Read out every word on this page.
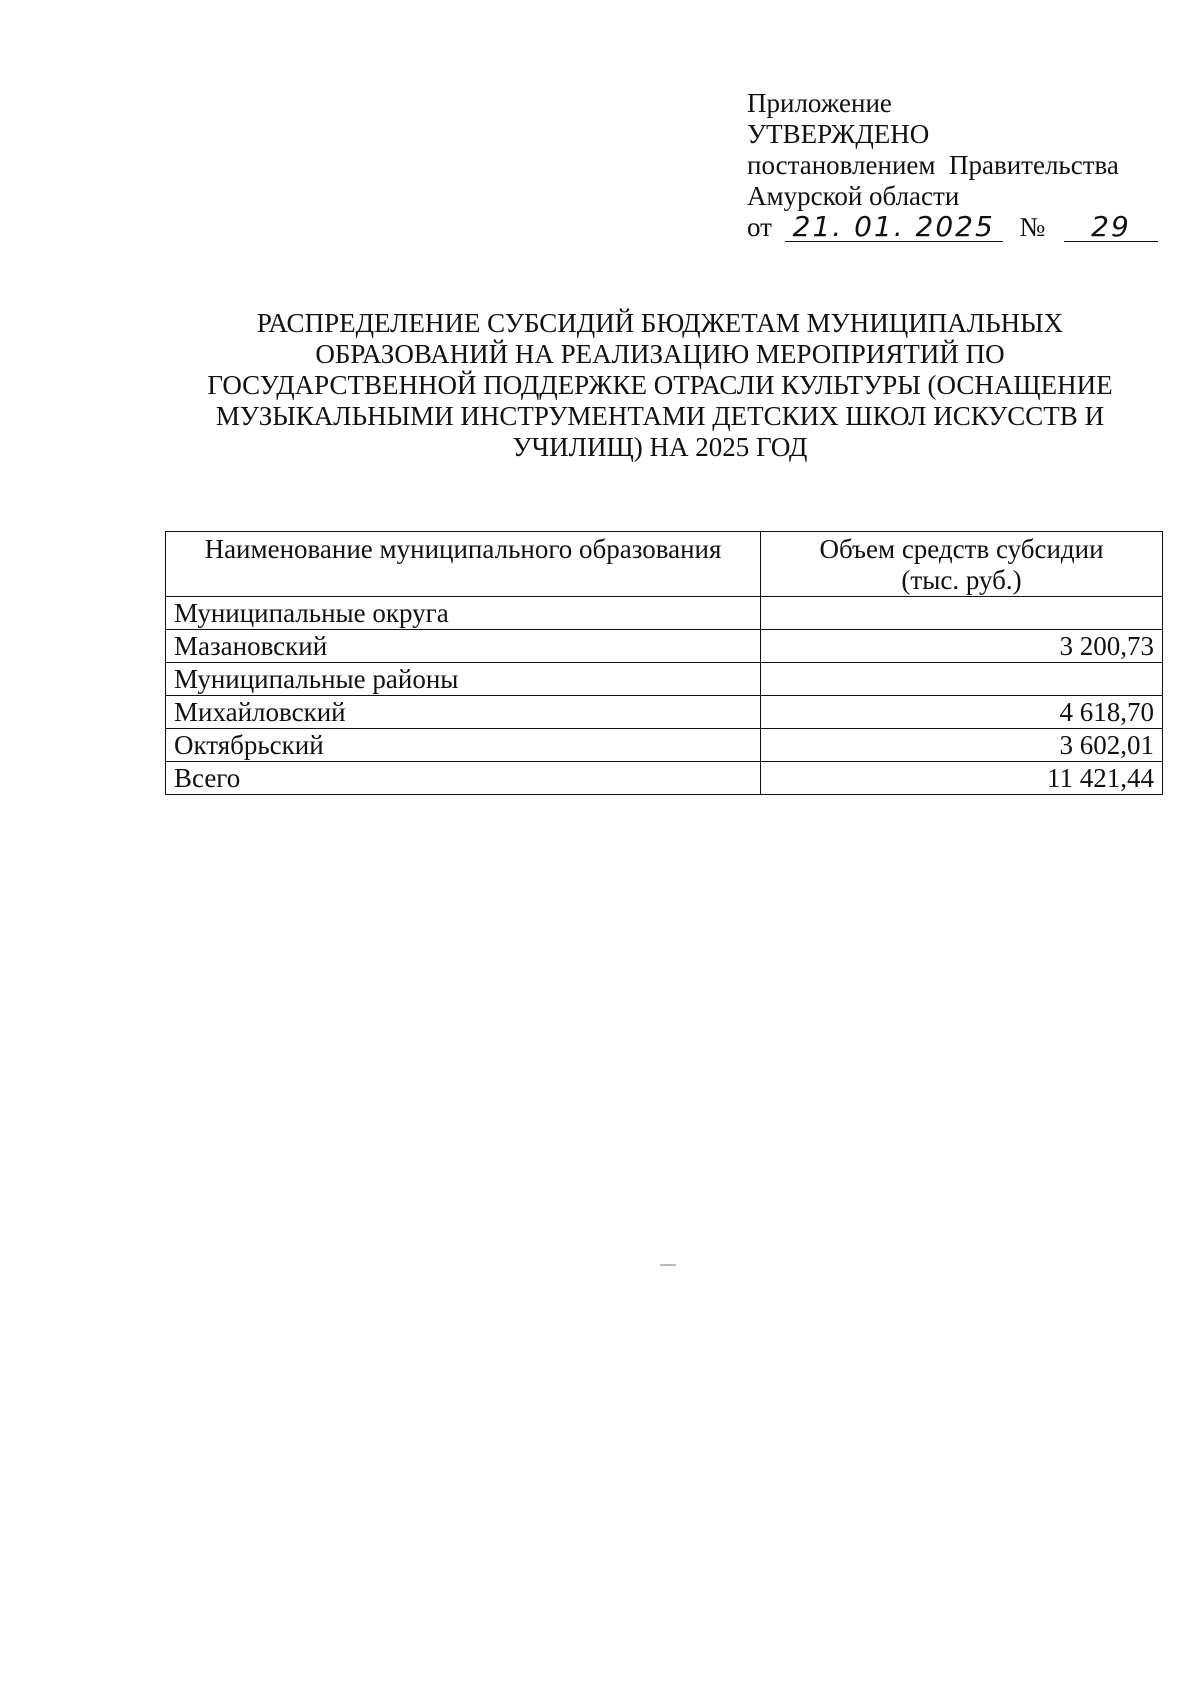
Приложение
УТВЕРЖДЕНО
постановлением  Правительства
Амурской области
от 21. 01. 2025 № 29
РАСПРЕДЕЛЕНИЕ СУБСИДИЙ БЮДЖЕТАМ МУНИЦИПАЛЬНЫХ
ОБРАЗОВАНИЙ НА РЕАЛИЗАЦИЮ МЕРОПРИЯТИЙ ПО
ГОСУДАРСТВЕННОЙ ПОДДЕРЖКЕ ОТРАСЛИ КУЛЬТУРЫ (ОСНАЩЕНИЕ
МУЗЫКАЛЬНЫМИ ИНСТРУМЕНТАМИ ДЕТСКИХ ШКОЛ ИСКУССТВ И
УЧИЛИЩ) НА 2025 ГОД
Наименование муниципального образования	Объем средств субсидии
(тыс. руб.)

Муниципальные округа	
Мазановский	3 200,73
Муниципальные районы	
Михайловский	4 618,70
Октябрьский	3 602,01
Всего	11 421,44
